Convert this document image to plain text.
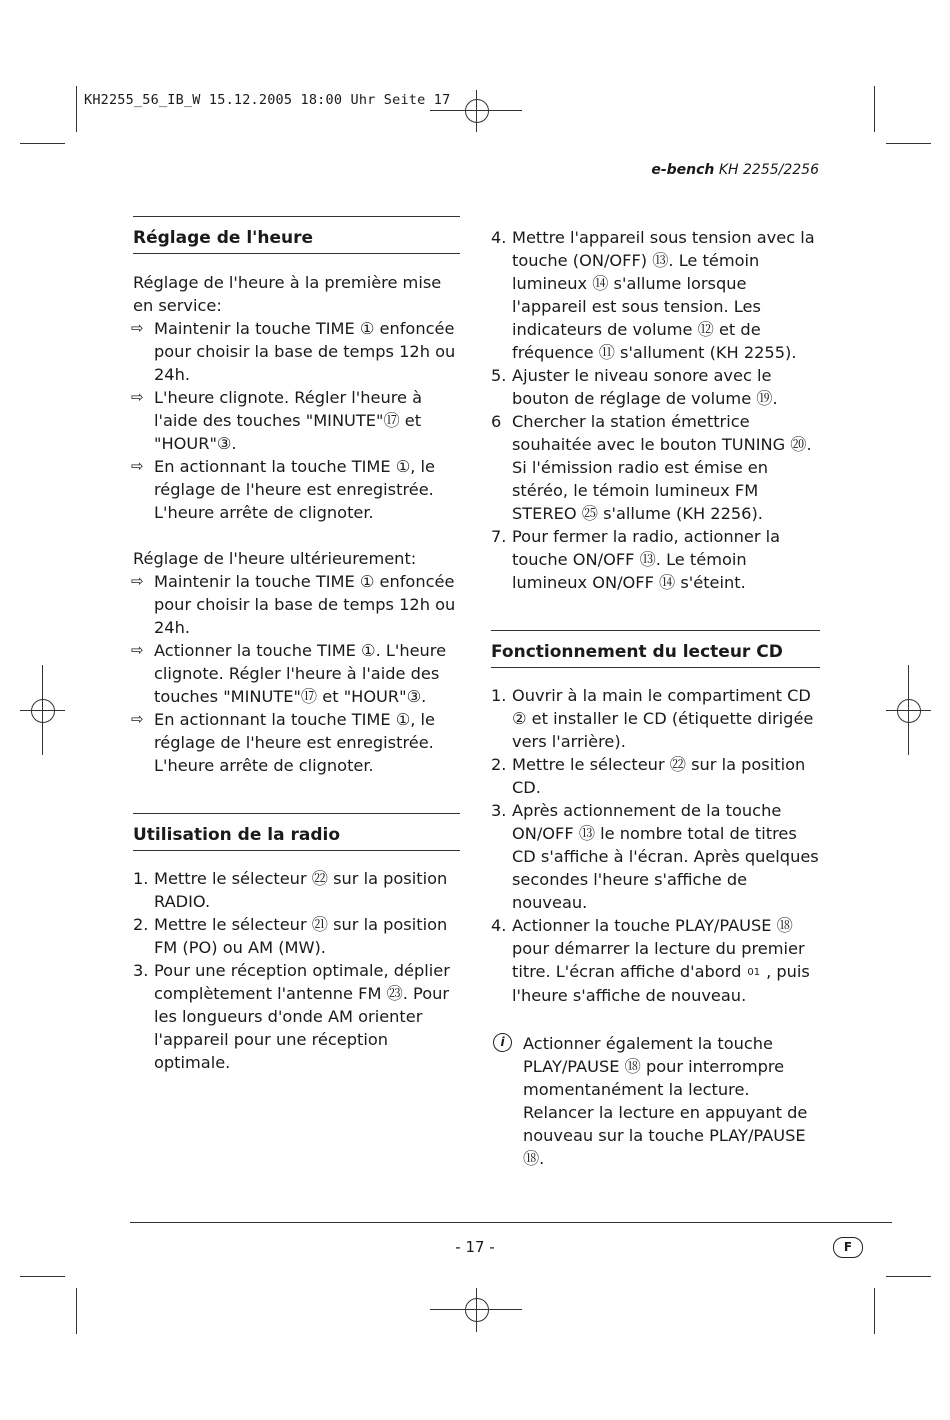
KH2255_56_IB_W 15.12.2005 18:00 Uhr Seite 17
e-bench KH 2255/2256
Réglage de l'heure

Réglage de l'heure à la première mise en service:

⇨ Maintenir la touche TIME ① enfoncée pour choisir la base de temps 12h ou 24h.
⇨ L'heure clignote. Régler l'heure à l'aide des touches "MINUTE"⑰ et "HOUR"③.
⇨ En actionnant la touche TIME ①, le réglage de l'heure est enregistrée. L'heure arrête de clignoter.

Réglage de l'heure ultérieurement:

⇨ Maintenir la touche TIME ① enfoncée pour choisir la base de temps 12h ou 24h.
⇨ Actionner la touche TIME ①. L'heure clignote. Régler l'heure à l'aide des touches "MINUTE"⑰ et "HOUR"③.
⇨ En actionnant la touche TIME ①, le réglage de l'heure est enregistrée. L'heure arrête de clignoter.
Utilisation de la radio
1. Mettre le sélecteur ㉒ sur la position RADIO.
2. Mettre le sélecteur ㉑ sur la position FM (PO) ou AM (MW).
3. Pour une réception optimale, déplier complètement l'antenne FM ㉓. Pour les longueurs d'onde AM orienter l'appareil pour une réception optimale.
4. Mettre l'appareil sous tension avec la touche (ON/OFF) ⑬. Le témoin lumineux ⑭ s'allume lorsque l'appareil est sous tension. Les indicateurs de volume ⑫ et de fréquence ⑪ s'allument (KH 2255).
5. Ajuster le niveau sonore avec le bouton de réglage de volume ⑲.
6 Chercher la station émettrice souhaitée avec le bouton TUNING ⑳.
Si l'émission radio est émise en stéréo, le témoin lumineux FM STEREO ㉕ s'allume (KH 2256).
7. Pour fermer la radio, actionner la touche ON/OFF ⑬. Le témoin lumineux ON/OFF ⑭ s'éteint.
Fonctionnement du lecteur CD
1. Ouvrir à la main le compartiment CD ② et installer le CD (étiquette dirigée vers l'arrière).
2. Mettre le sélecteur ㉒ sur la position CD.
3. Après actionnement de la touche ON/OFF ⑬ le nombre total de titres CD s'affiche à l'écran. Après quelques secondes l'heure s'affiche de nouveau.
4. Actionner la touche PLAY/PAUSE ⑱ pour démarrer la lecture du premier titre. L'écran affiche d'abord 01 , puis l'heure s'affiche de nouveau.
i	Actionner également la touche PLAY/PAUSE ⑱ pour interrompre momentanément la lecture. Relancer la lecture en appuyant de nouveau sur la touche PLAY/PAUSE ⑱.
- 17 -	F
